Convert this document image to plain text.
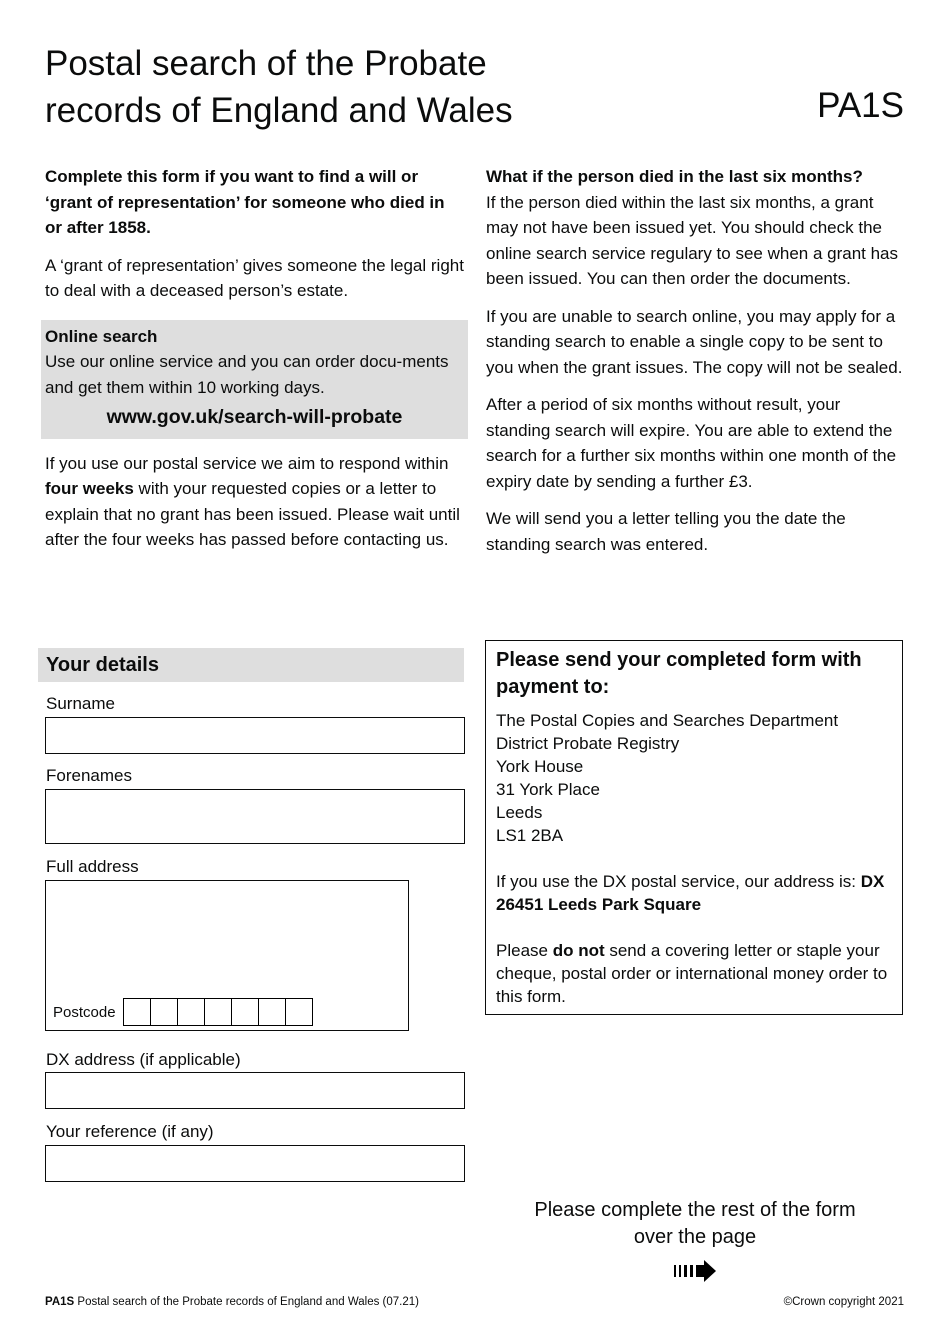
Postal search of the Probate
records of England and Wales	PA1S

Complete this form if you want to find a will or ‘grant of representation’ for someone who died in or after 1858.

A ‘grant of representation’ gives someone the legal right to deal with a deceased person’s estate.

Online search

Use our online service and you can order docu-ments and get them within 10 working days.

www.gov.uk/search-will-probate

If you use our postal service we aim to respond within four weeks with your requested copies or a letter to explain that no grant has been issued. Please wait until after the four weeks has passed before contacting us.

What if the person died in the last six months?

If the person died within the last six months, a grant may not have been issued yet. You should check the online search service regulary to see when a grant has been issued. You can then order the documents.

If you are unable to search online, you may apply for a standing search to enable a single copy to be sent to you when the grant issues. The copy will not be sealed.

After a period of six months without result, your standing search will expire. You are able to extend the search for a further six months within one month of the expiry date by sending a further £3.

We will send you a letter telling you the date the standing search was entered.

Your details
Surname
Forenames
Full address
Postcode
DX address (if applicable)
Your reference (if any)

Please send your completed form with payment to:

The Postal Copies and Searches Department
District Probate Registry
York House
31 York Place
Leeds
LS1 2BA

If you use the DX postal service, our address is: DX 26451 Leeds Park Square

Please do not send a covering letter or staple your cheque, postal order or international money order to this form.

Please complete the rest of the form over the page

PA1S Postal search of the Probate records of England and Wales (07.21)	©Crown copyright 2021
